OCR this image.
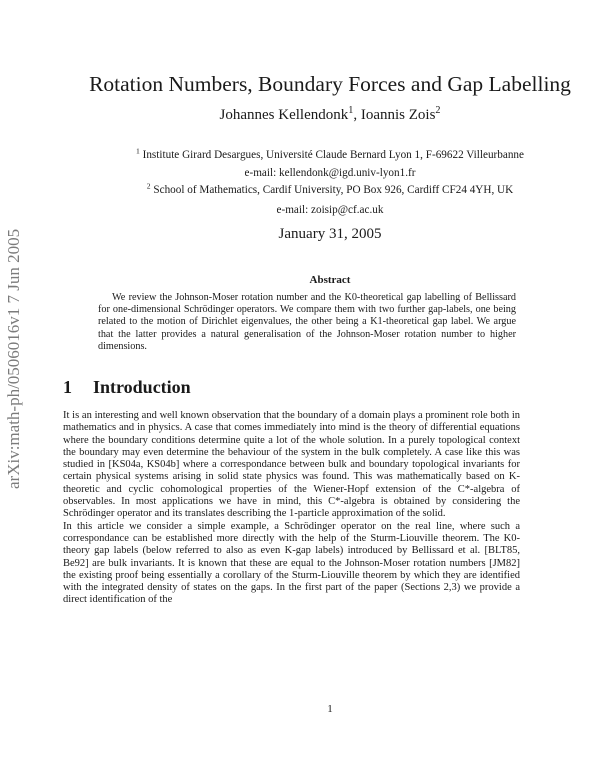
arXiv:math-ph/0506016v1 7 Jun 2005
Rotation Numbers, Boundary Forces and Gap Labelling
Johannes Kellendonk$^1$, Ioannis Zois$^2$
$^1$ Institute Girard Desargues, Université Claude Bernard Lyon 1, F-69622 Villeurbanne
e-mail: kellendonk@igd.univ-lyon1.fr
$^2$ School of Mathematics, Cardif University, PO Box 926, Cardiff CF24 4YH, UK
e-mail: zoisip@cf.ac.uk
January 31, 2005
Abstract
We review the Johnson-Moser rotation number and the K0-theoretical gap labelling of Bellissard for one-dimensional Schrödinger operators. We compare them with two further gap-labels, one being related to the motion of Dirichlet eigenvalues, the other being a K1-theoretical gap label. We argue that the latter provides a natural generalisation of the Johnson-Moser rotation number to higher dimensions.
1 Introduction

It is an interesting and well known observation that the boundary of a domain plays a prominent role both in mathematics and in physics. A case that comes immediately into mind is the theory of differential equations where the boundary conditions determine quite a lot of the whole solution. In a purely topological context the boundary may even determine the behaviour of the system in the bulk completely. A case like this was studied in [KS04a, KS04b] where a correspondance between bulk and boundary topological invariants for certain physical systems arising in solid state physics was found. This was mathematically based on K-theoretic and cyclic cohomological properties of the Wiener-Hopf extension of the C*-algebra of observables. In most applications we have in mind, this C*-algebra is obtained by considering the Schrödinger operator and its translates describing the 1-particle approximation of the solid.

In this article we consider a simple example, a Schrödinger operator on the real line, where such a correspondance can be established more directly with the help of the Sturm-Liouville theorem. The K0-theory gap labels (below referred to also as even K-gap labels) introduced by Bellissard et al. [BLT85, Be92] are bulk invariants. It is known that these are equal to the Johnson-Moser rotation numbers [JM82] the existing proof being essentially a corollary of the Sturm-Liouville theorem by which they are identified with the integrated density of states on the gaps. In the first part of the paper (Sections 2,3) we provide a direct identification of the

1
